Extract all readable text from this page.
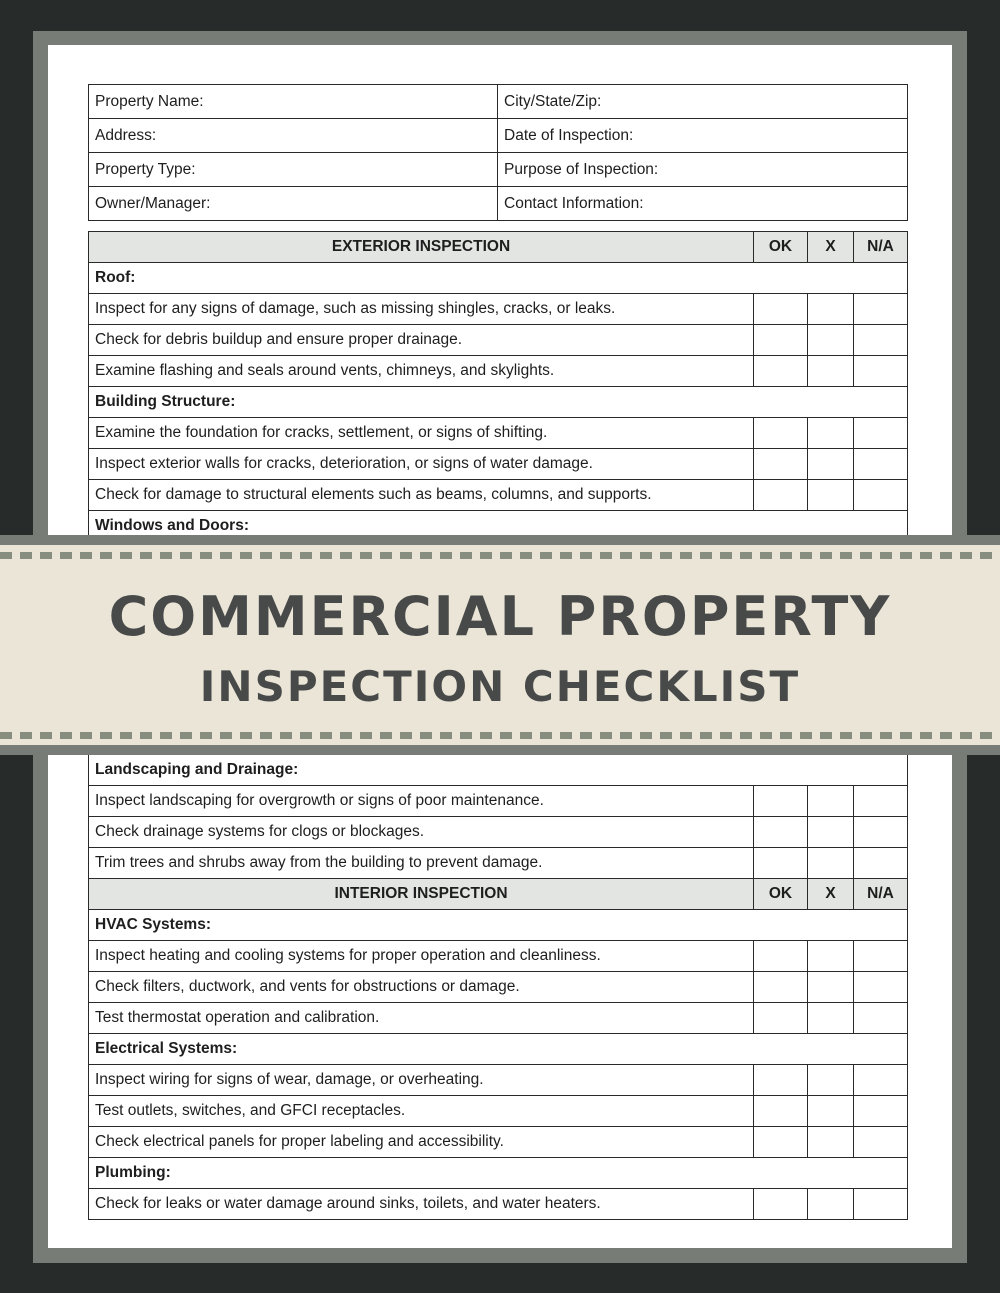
Property Name:	City/State/Zip:
Address:	Date of Inspection:
Property Type:	Purpose of Inspection:
Owner/Manager:	Contact Information:
EXTERIOR INSPECTION	OK	X	N/A
Roof:			
Inspect for any signs of damage, such as missing shingles, cracks, or leaks.			
Check for debris buildup and ensure proper drainage.			
Examine flashing and seals around vents, chimneys, and skylights.			
Building Structure:			
Examine the foundation for cracks, settlement, or signs of shifting.			
Inspect exterior walls for cracks, deterioration, or signs of water damage.			
Check for damage to structural elements such as beams, columns, and supports.			
Windows and Doors:			

Landscaping and Drainage:			
Inspect landscaping for overgrowth or signs of poor maintenance.			
Check drainage systems for clogs or blockages.			
Trim trees and shrubs away from the building to prevent damage.			
INTERIOR INSPECTION	OK	X	N/A
HVAC Systems:			
Inspect heating and cooling systems for proper operation and cleanliness.			
Check filters, ductwork, and vents for obstructions or damage.			
Test thermostat operation and calibration.			
Electrical Systems:			
Inspect wiring for signs of wear, damage, or overheating.			
Test outlets, switches, and GFCI receptacles.			
Check electrical panels for proper labeling and accessibility.			
Plumbing:			
Check for leaks or water damage around sinks, toilets, and water heaters.			
COMMERCIAL PROPERTY
INSPECTION CHECKLIST
